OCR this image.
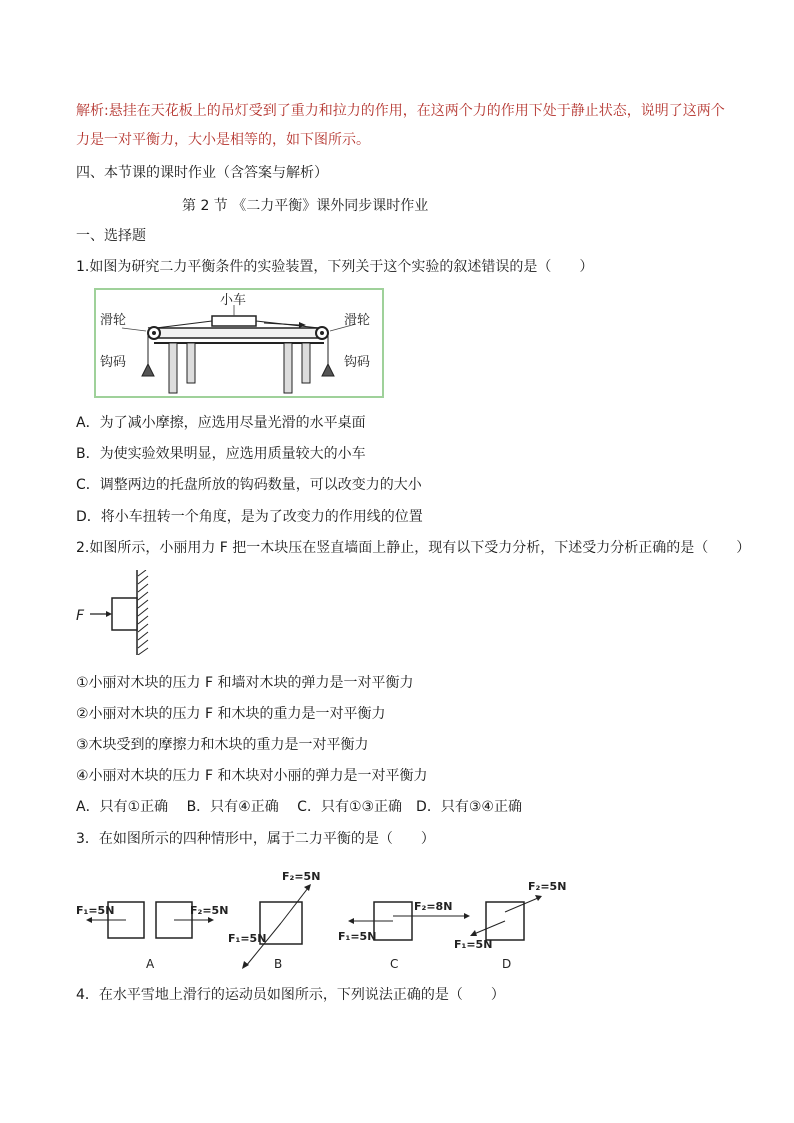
解析:悬挂在天花板上的吊灯受到了重力和拉力的作用，在这两个力的作用下处于静止状态，说明了这两个
力是一对平衡力，大小是相等的，如下图所示。
四、本节课的课时作业（含答案与解析）
第 2 节 《二力平衡》课外同步课时作业
一、选择题
1.如图为研究二力平衡条件的实验装置，下列关于这个实验的叙述错误的是（　　）
小车
滑轮	滑轮
钩码	钩码
A．为了减小摩擦，应选用尽量光滑的水平桌面
B．为使实验效果明显，应选用质量较大的小车
C．调整两边的托盘所放的钩码数量，可以改变力的大小
D．将小车扭转一个角度，是为了改变力的作用线的位置
2.如图所示，小丽用力 F 把一木块压在竖直墙面上静止，现有以下受力分析，下述受力分析正确的是（　　）
F
①小丽对木块的压力 F 和墙对木块的弹力是一对平衡力
②小丽对木块的压力 F 和木块的重力是一对平衡力
③木块受到的摩擦力和木块的重力是一对平衡力
④小丽对木块的压力 F 和木块对小丽的弹力是一对平衡力
A．只有①正确　 B．只有④正确　 C．只有①③正确　D．只有③④正确
3．在如图所示的四种情形中，属于二力平衡的是（　　）
F₁=5N	F₂=5N
A
F₂=5N
F₁=5N
B
F₂=8N
F₁=5N
C
F₂=5N
F₁=5N
D
4．在水平雪地上滑行的运动员如图所示，下列说法正确的是（　　）
